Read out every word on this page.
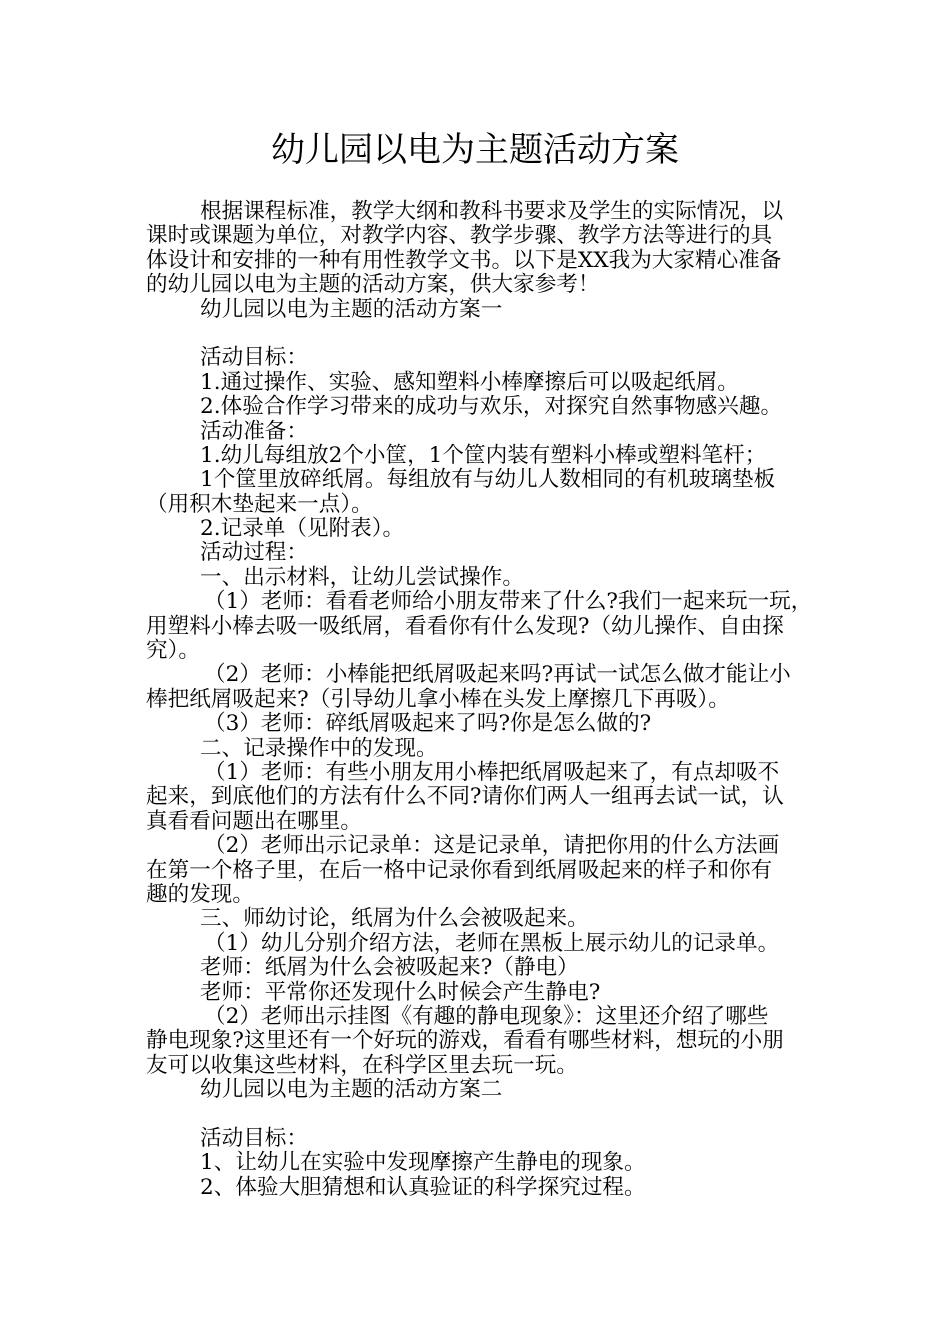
幼儿园以电为主题活动方案
根据课程标准，教学大纲和教科书要求及学生的实际情况，以
课时或课题为单位，对教学内容、教学步骤、教学方法等进行的具
体设计和安排的一种有用性教学文书。以下是XX我为大家精心准备
的幼儿园以电为主题的活动方案，供大家参考！
幼儿园以电为主题的活动方案一
活动目标：
1.通过操作、实验、感知塑料小棒摩擦后可以吸起纸屑。
2.体验合作学习带来的成功与欢乐，对探究自然事物感兴趣。
活动准备：
1.幼儿每组放2个小筐，1个筐内装有塑料小棒或塑料笔杆；
1个筐里放碎纸屑。每组放有与幼儿人数相同的有机玻璃垫板
（用积木垫起来一点）。
2.记录单（见附表）。
活动过程：
一、出示材料，让幼儿尝试操作。
（1）老师：看看老师给小朋友带来了什么?我们一起来玩一玩，
用塑料小棒去吸一吸纸屑，看看你有什么发现?（幼儿操作、自由探
究）。
（2）老师：小棒能把纸屑吸起来吗?再试一试怎么做才能让小
棒把纸屑吸起来?（引导幼儿拿小棒在头发上摩擦几下再吸）。
（3）老师：碎纸屑吸起来了吗?你是怎么做的?
二、记录操作中的发现。
（1）老师：有些小朋友用小棒把纸屑吸起来了，有点却吸不
起来，到底他们的方法有什么不同?请你们两人一组再去试一试，认
真看看问题出在哪里。
（2）老师出示记录单：这是记录单，请把你用的什么方法画
在第一个格子里，在后一格中记录你看到纸屑吸起来的样子和你有
趣的发现。
三、师幼讨论，纸屑为什么会被吸起来。
（1）幼儿分别介绍方法，老师在黑板上展示幼儿的记录单。
老师：纸屑为什么会被吸起来?（静电）
老师：平常你还发现什么时候会产生静电?
（2）老师出示挂图《有趣的静电现象》：这里还介绍了哪些
静电现象?这里还有一个好玩的游戏，看看有哪些材料，想玩的小朋
友可以收集这些材料，在科学区里去玩一玩。
幼儿园以电为主题的活动方案二
活动目标：
1、让幼儿在实验中发现摩擦产生静电的现象。
2、体验大胆猜想和认真验证的科学探究过程。
